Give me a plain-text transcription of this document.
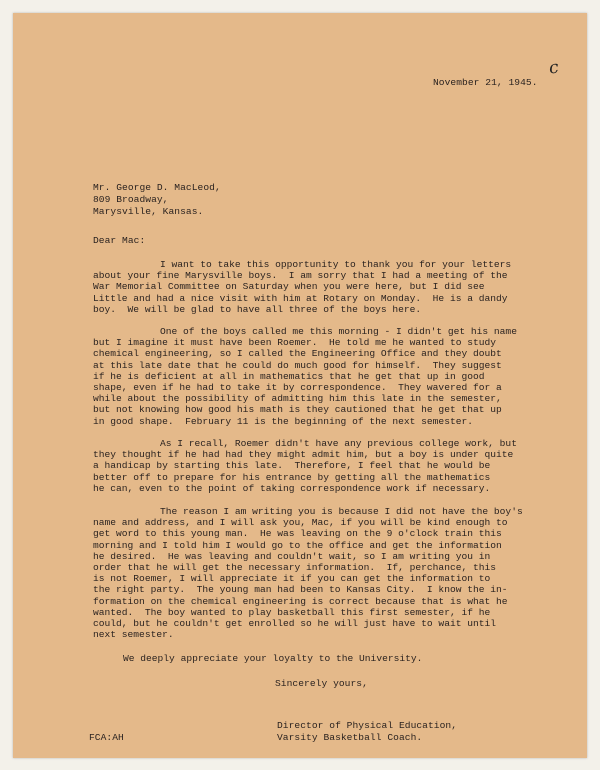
c
November 21, 1945.
Mr. George D. MacLeod,
809 Broadway,
Marysville, Kansas.
Dear Mac:
I want to take this opportunity to thank you for your letters
about your fine Marysville boys.  I am sorry that I had a meeting of the
War Memorial Committee on Saturday when you were here, but I did see
Little and had a nice visit with him at Rotary on Monday.  He is a dandy
boy.  We will be glad to have all three of the boys here.
One of the boys called me this morning - I didn't get his name
but I imagine it must have been Roemer.  He told me he wanted to study
chemical engineering, so I called the Engineering Office and they doubt
at this late date that he could do much good for himself.  They suggest
if he is deficient at all in mathematics that he get that up in good
shape, even if he had to take it by correspondence.  They wavered for a
while about the possibility of admitting him this late in the semester,
but not knowing how good his math is they cautioned that he get that up
in good shape.  February 11 is the beginning of the next semester.
As I recall, Roemer didn't have any previous college work, but
they thought if he had had they might admit him, but a boy is under quite
a handicap by starting this late.  Therefore, I feel that he would be
better off to prepare for his entrance by getting all the mathematics
he can, even to the point of taking correspondence work if necessary.
The reason I am writing you is because I did not have the boy's
name and address, and I will ask you, Mac, if you will be kind enough to
get word to this young man.  He was leaving on the 9 o'clock train this
morning and I told him I would go to the office and get the information
he desired.  He was leaving and couldn't wait, so I am writing you in
order that he will get the necessary information.  If, perchance, this
is not Roemer, I will appreciate it if you can get the information to
the right party.  The young man had been to Kansas City.  I know the in-
formation on the chemical engineering is correct because that is what he
wanted.  The boy wanted to play basketball this first semester, if he
could, but he couldn't get enrolled so he will just have to wait until
next semester.
We deeply appreciate your loyalty to the University.
Sincerely yours,
Director of Physical Education,
Varsity Basketball Coach.
FCA:AH
